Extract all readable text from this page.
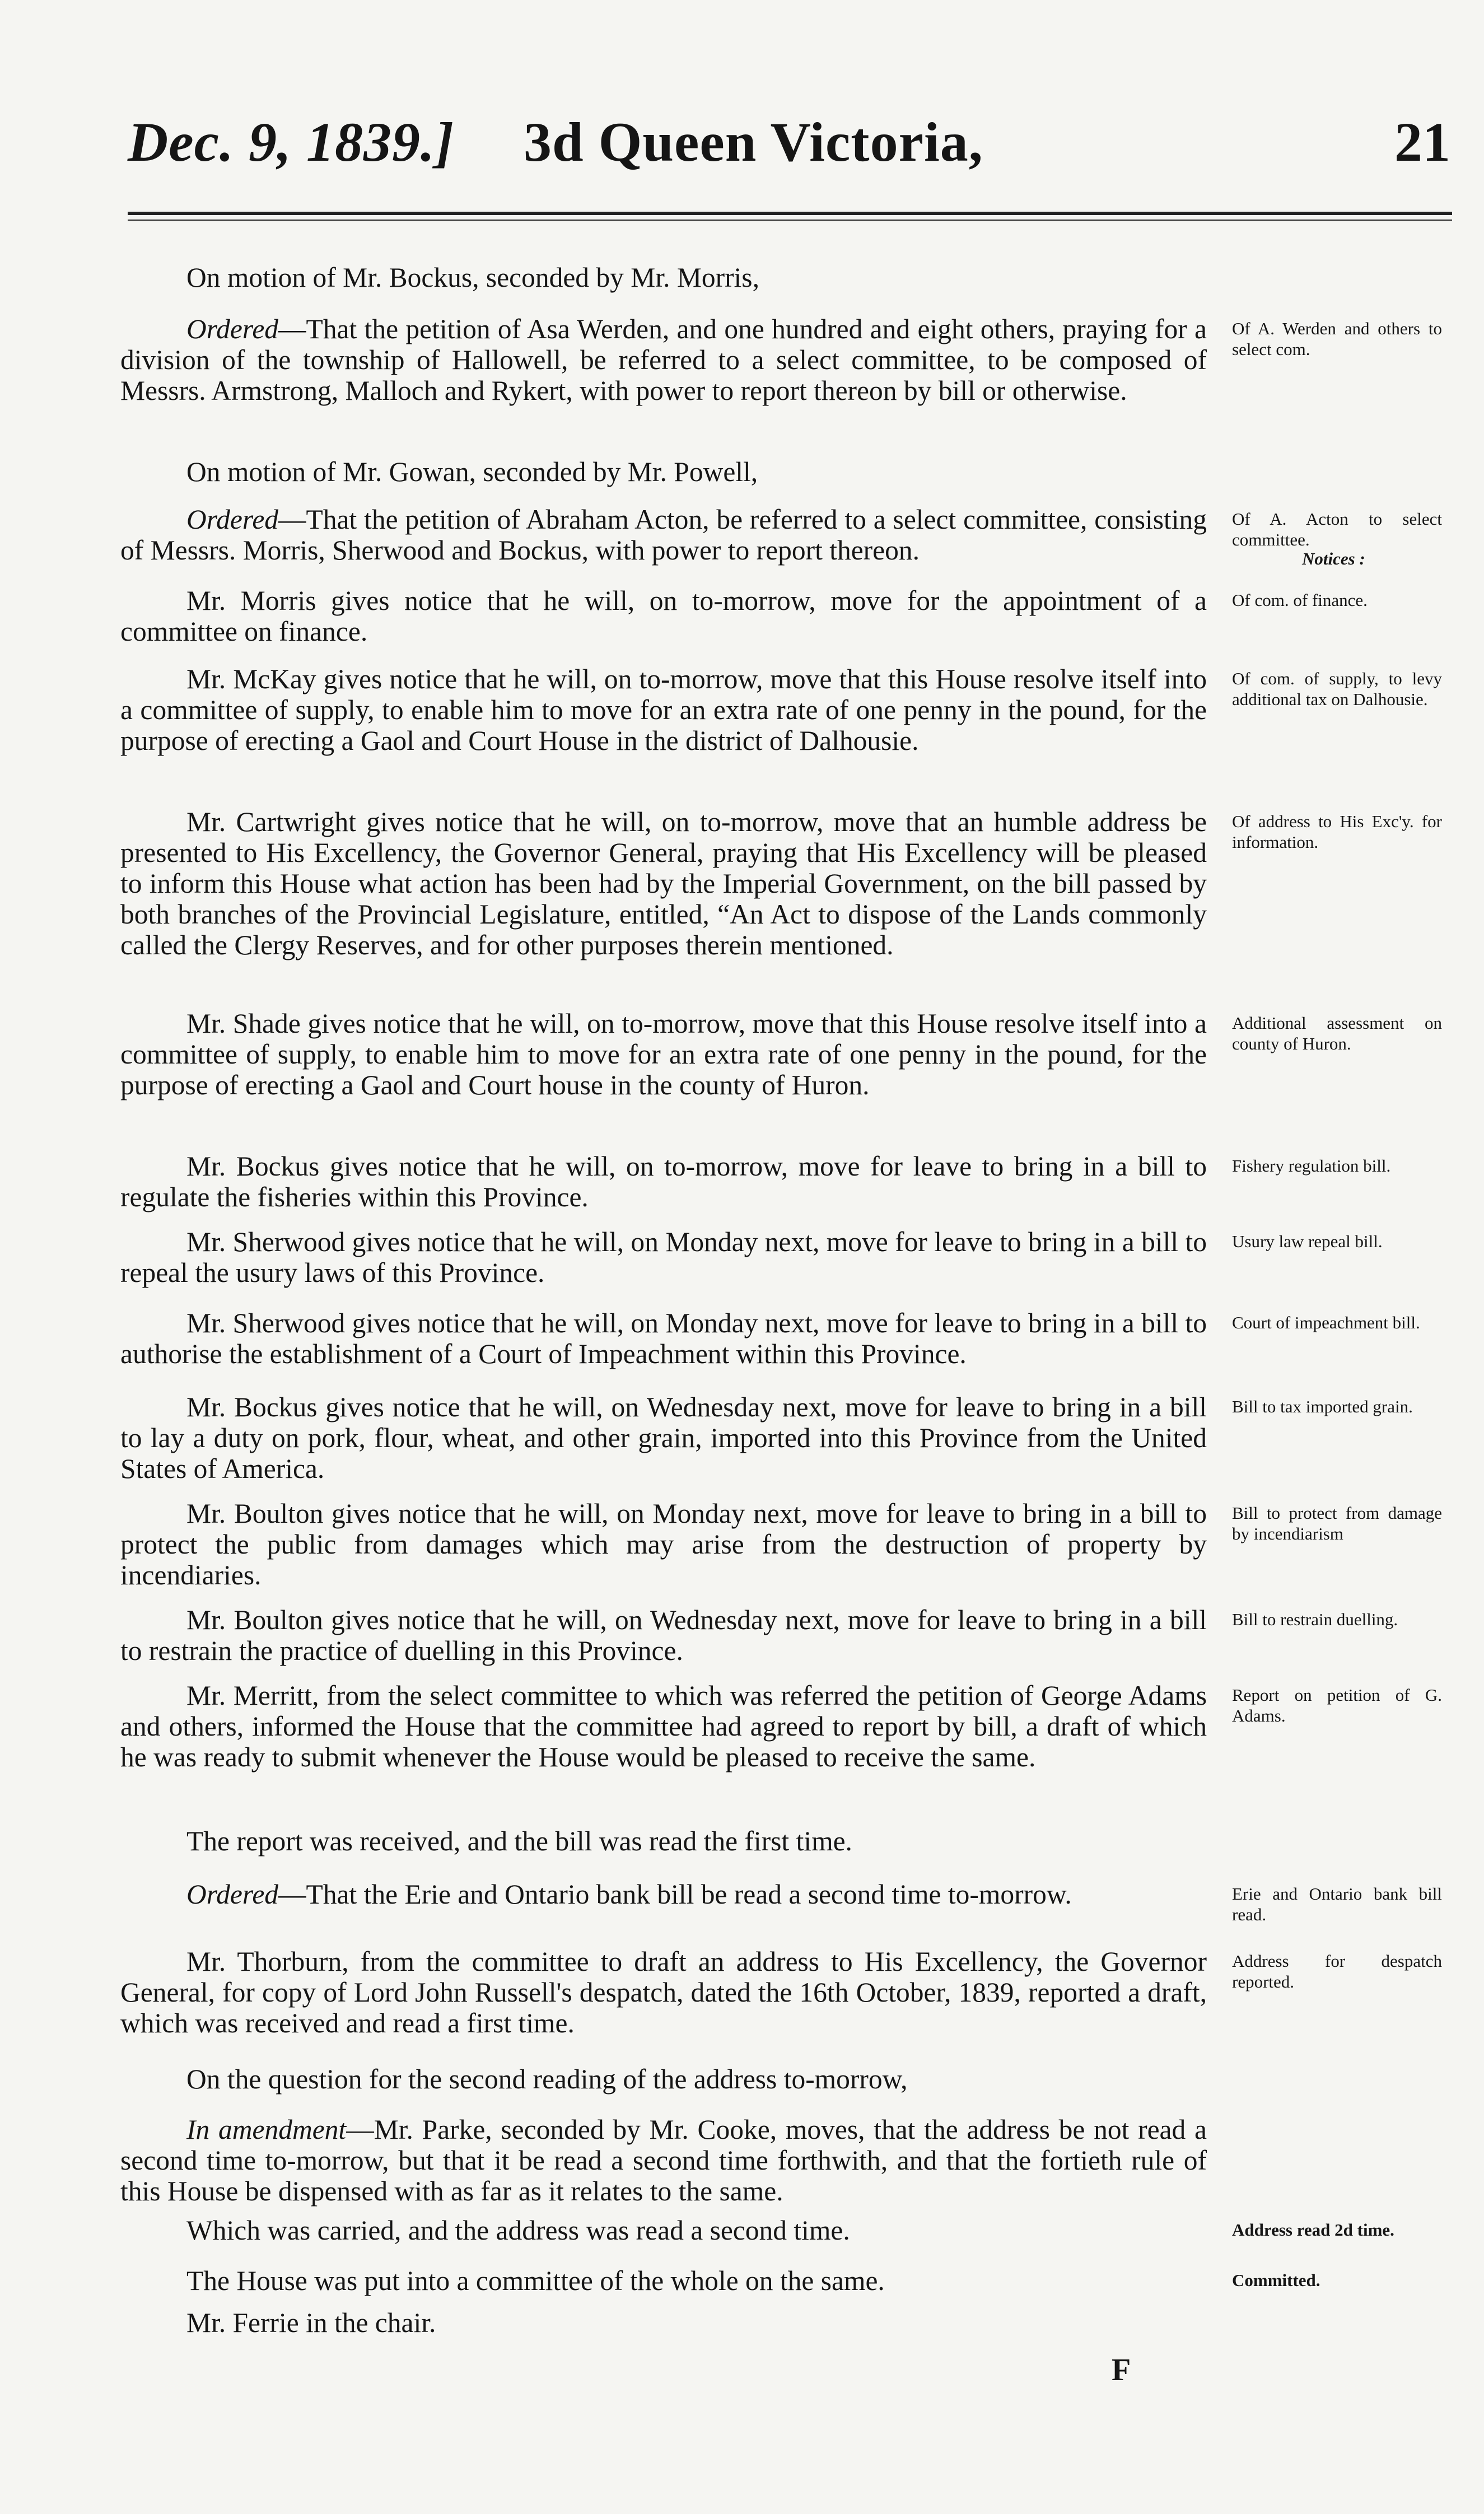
Dec. 9, 1839.] 3d Queen Victoria,	21

On motion of Mr. Bockus, seconded by Mr. Morris,

Ordered—That the petition of Asa Werden, and one hundred and eight others, praying for a division of the township of Hallowell, be referred to a select committee, to be composed of Messrs. Armstrong, Malloch and Rykert, with power to report thereon by bill or otherwise.

Of A. Werden and others to select com.

On motion of Mr. Gowan, seconded by Mr. Powell,

Ordered—That the petition of Abraham Acton, be referred to a select committee, consisting of Messrs. Morris, Sherwood and Bockus, with power to report thereon.

Of A. Acton to select committee.

Notices :

Mr. Morris gives notice that he will, on to-morrow, move for the appointment of a committee on finance.

Of com. of finance.

Mr. McKay gives notice that he will, on to-morrow, move that this House resolve itself into a committee of supply, to enable him to move for an extra rate of one penny in the pound, for the purpose of erecting a Gaol and Court House in the district of Dalhousie.

Of com. of supply, to levy additional tax on Dalhousie.

Mr. Cartwright gives notice that he will, on to-morrow, move that an humble address be presented to His Excellency, the Governor General, praying that His Excellency will be pleased to inform this House what action has been had by the Imperial Government, on the bill passed by both branches of the Provincial Legislature, entitled, “An Act to dispose of the Lands commonly called the Clergy Reserves, and for other purposes therein mentioned.

Of address to His Exc'y. for information.

Mr. Shade gives notice that he will, on to-morrow, move that this House resolve itself into a committee of supply, to enable him to move for an extra rate of one penny in the pound, for the purpose of erecting a Gaol and Court house in the county of Huron.

Additional assessment on county of Huron.

Mr. Bockus gives notice that he will, on to-morrow, move for leave to bring in a bill to regulate the fisheries within this Province.

Fishery regulation bill.

Mr. Sherwood gives notice that he will, on Monday next, move for leave to bring in a bill to repeal the usury laws of this Province.

Usury law repeal bill.

Mr. Sherwood gives notice that he will, on Monday next, move for leave to bring in a bill to authorise the establishment of a Court of Impeachment within this Province.

Court of impeachment bill.

Mr. Bockus gives notice that he will, on Wednesday next, move for leave to bring in a bill to lay a duty on pork, flour, wheat, and other grain, imported into this Province from the United States of America.

Bill to tax imported grain.

Mr. Boulton gives notice that he will, on Monday next, move for leave to bring in a bill to protect the public from damages which may arise from the destruction of property by incendiaries.

Bill to protect from damage by incendiarism

Mr. Boulton gives notice that he will, on Wednesday next, move for leave to bring in a bill to restrain the practice of duelling in this Province.

Bill to restrain duelling.

Mr. Merritt, from the select committee to which was referred the petition of George Adams and others, informed the House that the committee had agreed to report by bill, a draft of which he was ready to submit whenever the House would be pleased to receive the same.

Report on petition of G. Adams.

The report was received, and the bill was read the first time.

Ordered—That the Erie and Ontario bank bill be read a second time to-morrow.	Erie and Ontario bank bill read.

Mr. Thorburn, from the committee to draft an address to His Excellency, the Governor General, for copy of Lord John Russell's despatch, dated the 16th October, 1839, reported a draft, which was received and read a first time.

Address for despatch reported.

On the question for the second reading of the address to-morrow,

In amendment—Mr. Parke, seconded by Mr. Cooke, moves, that the address be not read a second time to-morrow, but that it be read a second time forthwith, and that the fortieth rule of this House be dispensed with as far as it relates to the same.

Which was carried, and the address was read a second time.	Address read 2d time.

The House was put into a committee of the whole on the same.	Committed.

Mr. Ferrie in the chair.

F
